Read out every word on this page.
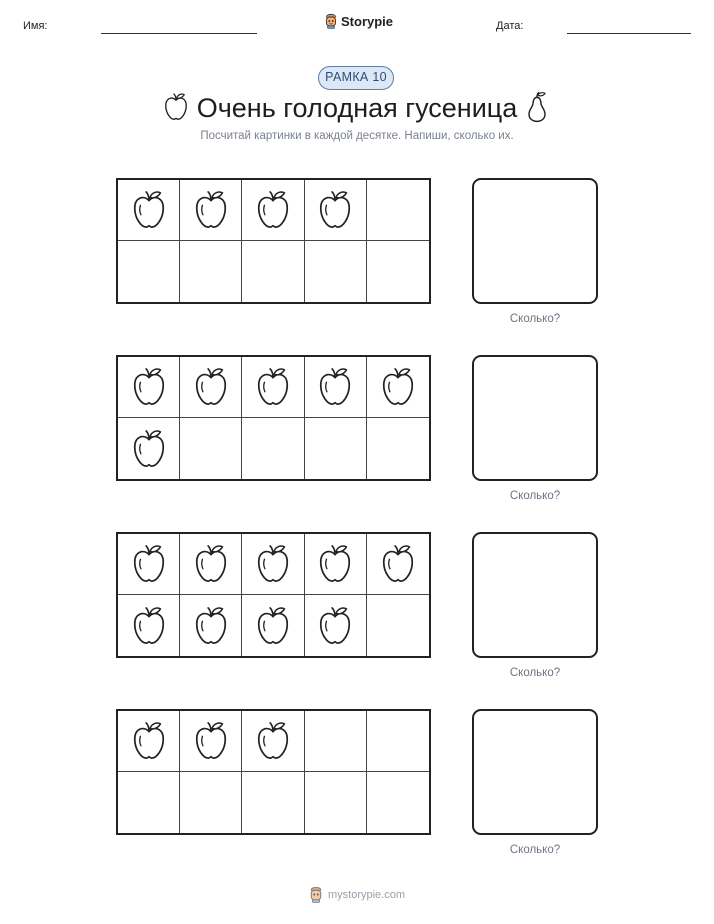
Имя:	Storypie	Дата:
РАМКА 10
Очень голодная гусеница
Посчитай картинки в каждой десятке. Напиши, сколько их.
Сколько?
Сколько?
Сколько?
Сколько?
mystorypie.com
